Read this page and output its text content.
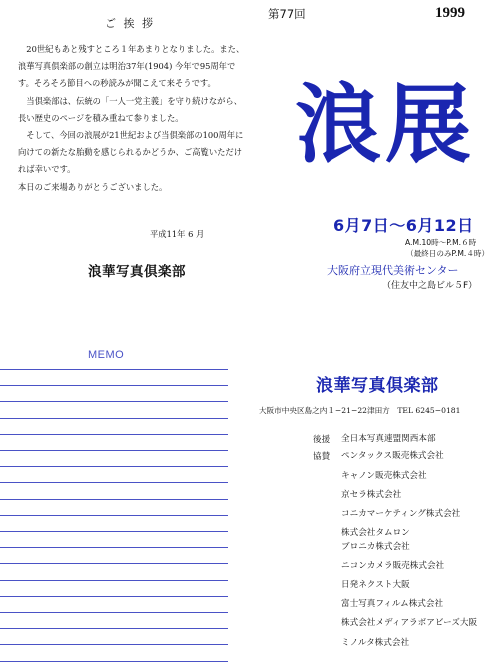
ご 挨 拶

20世紀もあと残すところ１年あまりとなりました。また、浪華写真倶楽部の創立は明治37年(1904) 今年で95周年です。そろそろ節目への秒読みが聞こえて来そうです。

当倶楽部は、伝統の「一人一党主義」を守り続けながら、長い歴史のページを積み重ねて参りました。

そして、今回の浪展が21世紀および当倶楽部の100周年に向けての新たな胎動を感じられるかどうか、ご高覧いただければ幸いです。

本日のご来場ありがとうございました。

平成11年 6 月
浪華写真倶楽部
MEMO
第77回	1999
浪展
6月7日～6月12日
A.M.10時～P.M.６時
（最終日のみP.M.４時）
大阪府立現代美術センター
（住友中之島ビル５F）
浪華写真倶楽部
大阪市中央区島之内１−21−22津田方　TEL 6245−0181
後援 全日本写真連盟関西本部
協賛 ペンタックス販売株式会社
キャノン販売株式会社
京セラ株式会社
コニカマーケティング株式会社
株式会社タムロン
ブロニカ株式会社
ニコンカメラ販売株式会社
日発ネクスト大阪
富士写真フィルム株式会社
株式会社メディアラボアビーズ大阪
ミノルタ株式会社
